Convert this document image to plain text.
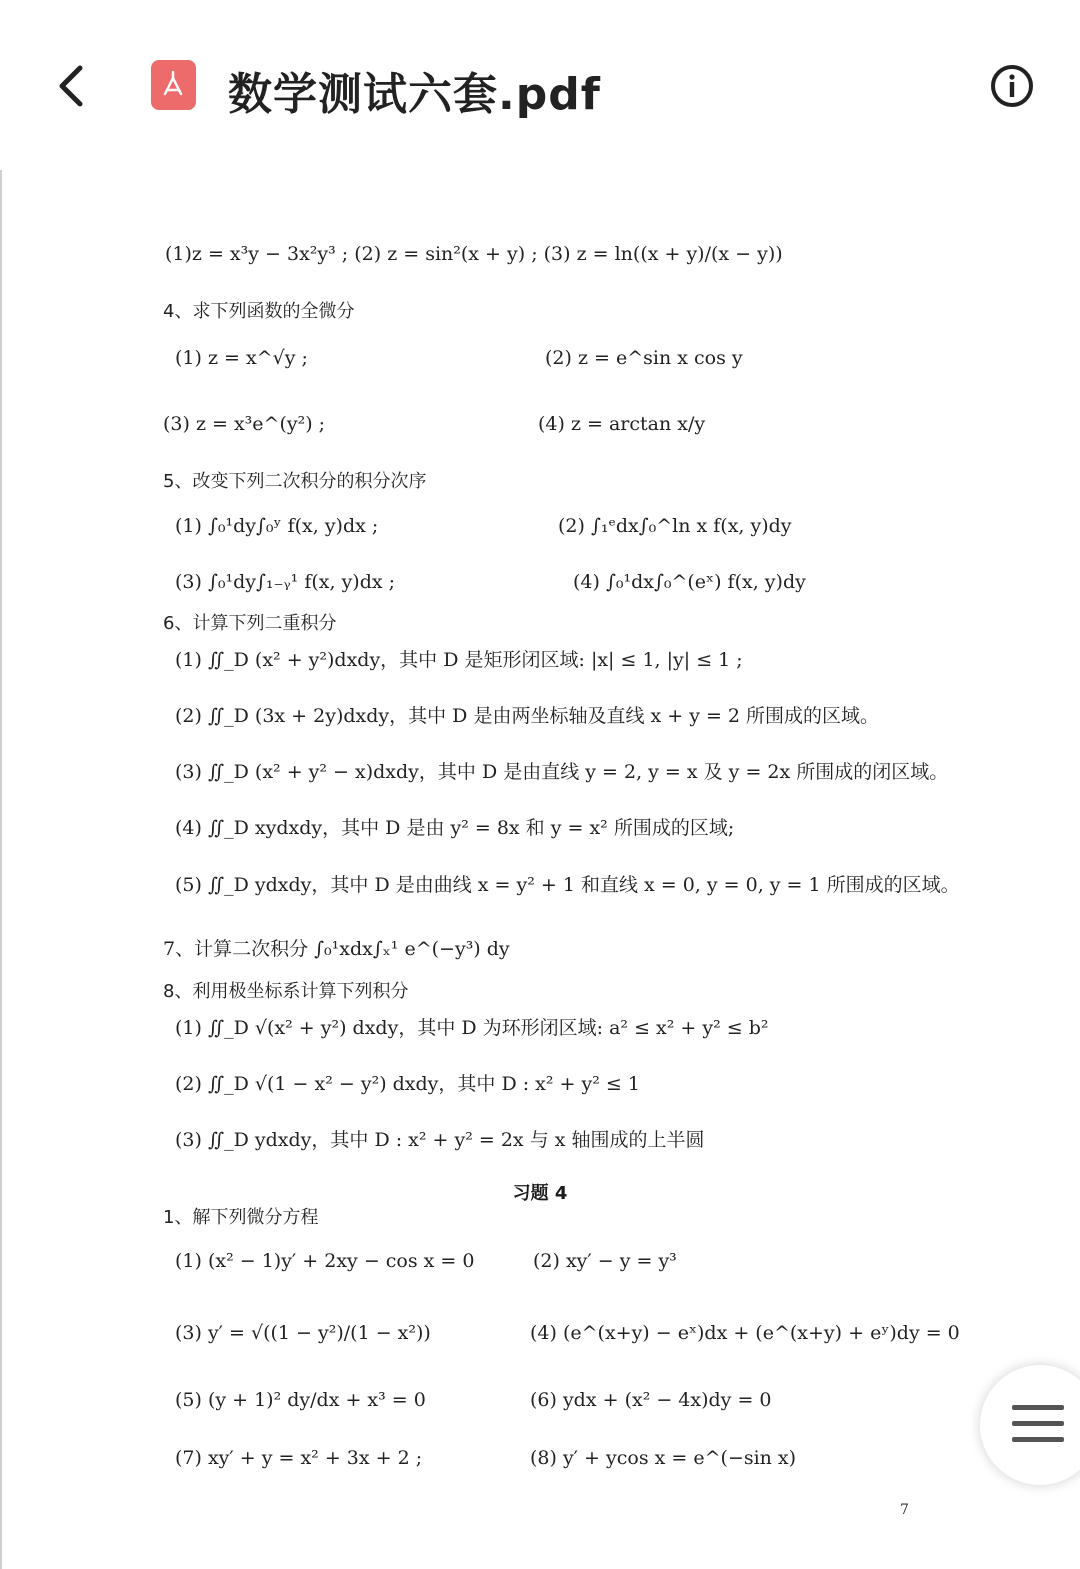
数学测试六套.pdf
(1)z = x³y − 3x²y³ ; (2) z = sin²(x + y) ; (3) z = ln((x + y)/(x − y))
4、求下列函数的全微分
(1) z = x^√y ;	(2) z = e^sin x cos y
(3) z = x³e^(y²) ;	(4) z = arctan x/y
5、改变下列二次积分的积分次序
(1) ∫₀¹dy∫₀ʸ f(x, y)dx ;	(2) ∫₁ᵉdx∫₀^ln x f(x, y)dy
(3) ∫₀¹dy∫₁₋ᵧ¹ f(x, y)dx ;	(4) ∫₀¹dx∫₀^(eˣ) f(x, y)dy
6、计算下列二重积分
(1) ∬_D (x² + y²)dxdy，其中 D 是矩形闭区域: |x| ≤ 1, |y| ≤ 1 ;
(2) ∬_D (3x + 2y)dxdy，其中 D 是由两坐标轴及直线 x + y = 2 所围成的区域。
(3) ∬_D (x² + y² − x)dxdy，其中 D 是由直线 y = 2, y = x 及 y = 2x 所围成的闭区域。
(4) ∬_D xydxdy，其中 D 是由 y² = 8x 和 y = x² 所围成的区域;
(5) ∬_D ydxdy，其中 D 是由曲线 x = y² + 1 和直线 x = 0, y = 0, y = 1 所围成的区域。
7、计算二次积分 ∫₀¹xdx∫ₓ¹ e^(−y³) dy
8、利用极坐标系计算下列积分
(1) ∬_D √(x² + y²) dxdy，其中 D 为环形闭区域: a² ≤ x² + y² ≤ b²
(2) ∬_D √(1 − x² − y²) dxdy，其中 D : x² + y² ≤ 1
(3) ∬_D ydxdy，其中 D : x² + y² = 2x 与 x 轴围成的上半圆
习题 4
1、解下列微分方程
(1) (x² − 1)y′ + 2xy − cos x = 0	(2) xy′ − y = y³
(3) y′ = √((1 − y²)/(1 − x²))	(4) (e^(x+y) − eˣ)dx + (e^(x+y) + eʸ)dy = 0
(5) (y + 1)² dy/dx + x³ = 0	(6) ydx + (x² − 4x)dy = 0
(7) xy′ + y = x² + 3x + 2 ;	(8) y′ + ycos x = e^(−sin x)
7
